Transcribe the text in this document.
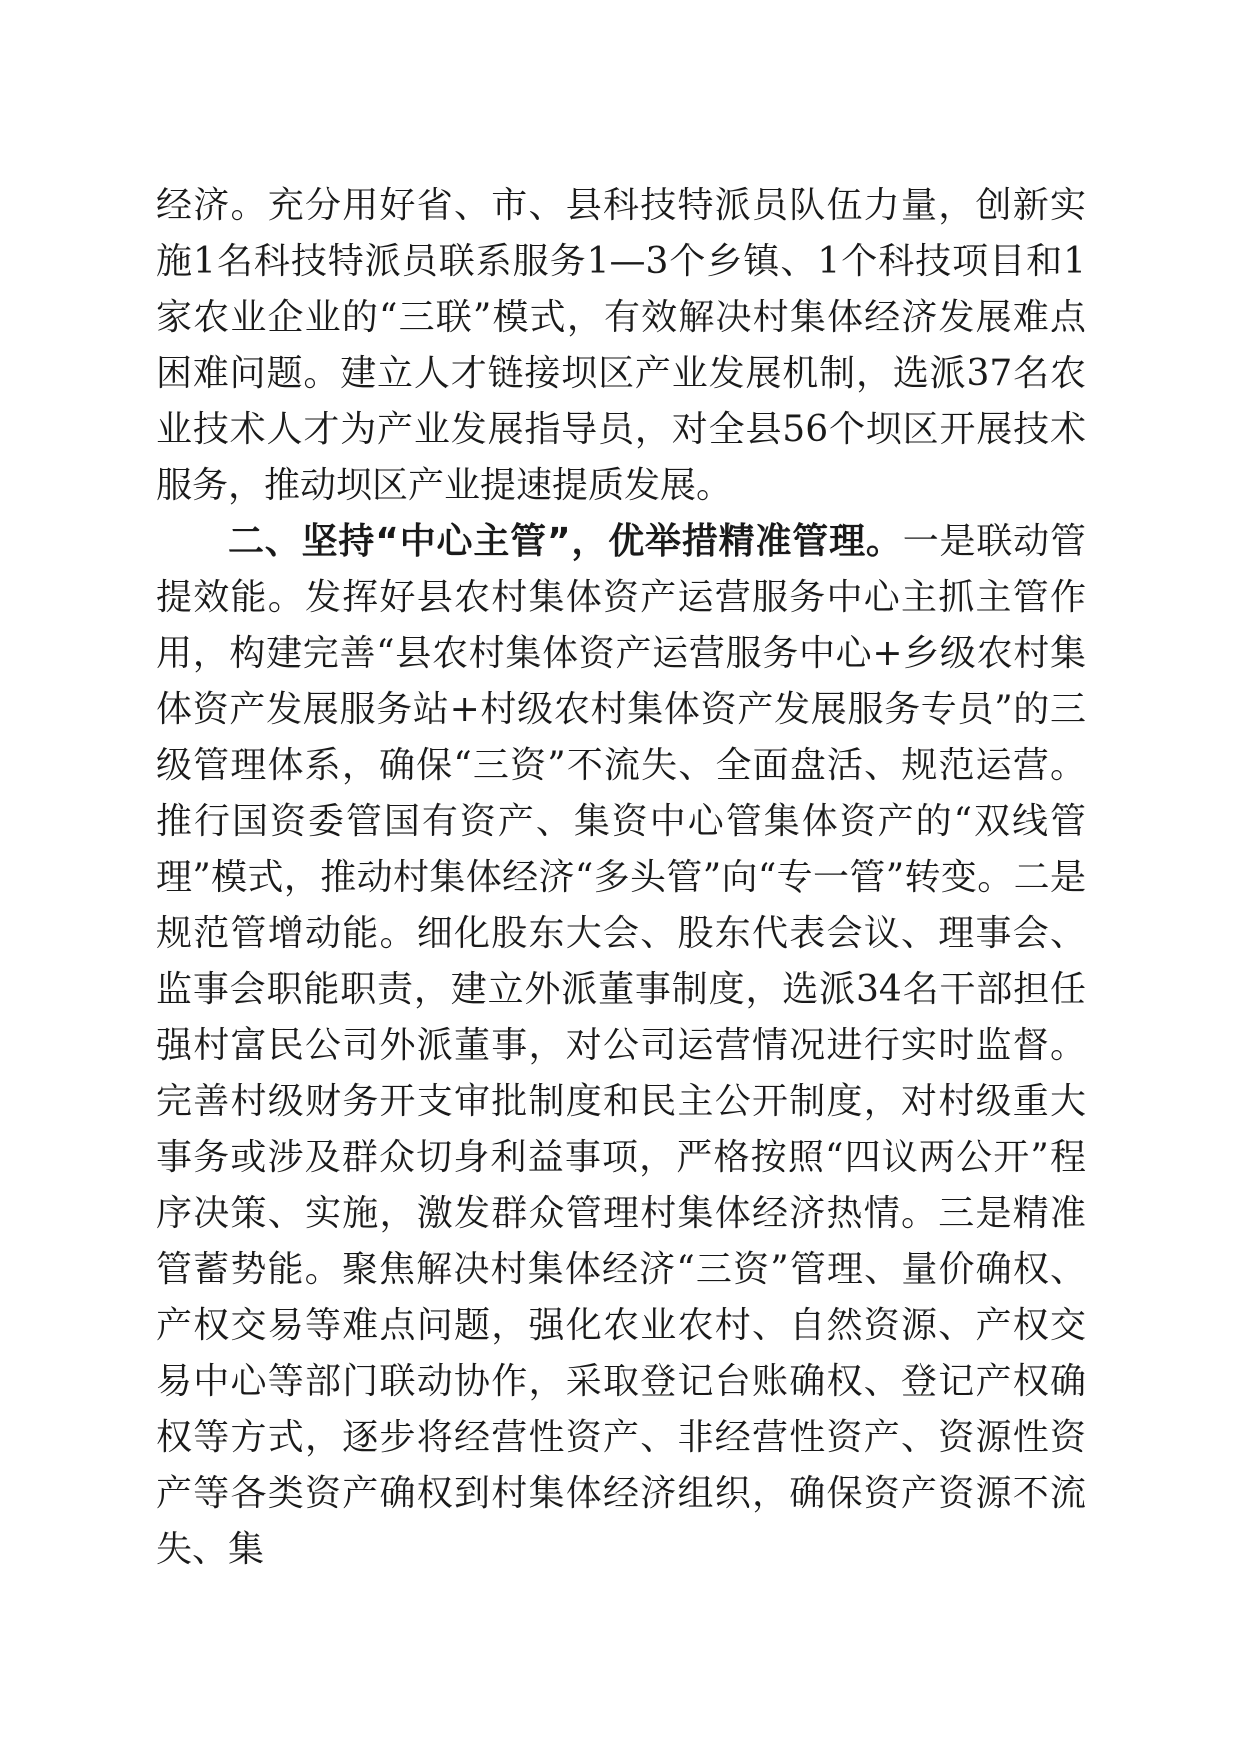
经济。充分用好省、市、县科技特派员队伍力量，创新实施1名科技特派员联系服务1—3个乡镇、1个科技项目和1家农业企业的“三联”模式，有效解决村集体经济发展难点困难问题。建立人才链接坝区产业发展机制，选派37名农业技术人才为产业发展指导员，对全县56个坝区开展技术服务，推动坝区产业提速提质发展。

二、坚持“中心主管”，优举措精准管理。一是联动管提效能。发挥好县农村集体资产运营服务中心主抓主管作用，构建完善“县农村集体资产运营服务中心+乡级农村集体资产发展服务站+村级农村集体资产发展服务专员”的三级管理体系，确保“三资”不流失、全面盘活、规范运营。推行国资委管国有资产、集资中心管集体资产的“双线管理”模式，推动村集体经济“多头管”向“专一管”转变。二是规范管增动能。细化股东大会、股东代表会议、理事会、监事会职能职责，建立外派董事制度，选派34名干部担任强村富民公司外派董事，对公司运营情况进行实时监督。完善村级财务开支审批制度和民主公开制度，对村级重大事务或涉及群众切身利益事项，严格按照“四议两公开”程序决策、实施，激发群众管理村集体经济热情。三是精准管蓄势能。聚焦解决村集体经济“三资”管理、量价确权、产权交易等难点问题，强化农业农村、自然资源、产权交易中心等部门联动协作，采取登记台账确权、登记产权确权等方式，逐步将经营性资产、非经营性资产、资源性资产等各类资产确权到村集体经济组织，确保资产资源不流失、集
